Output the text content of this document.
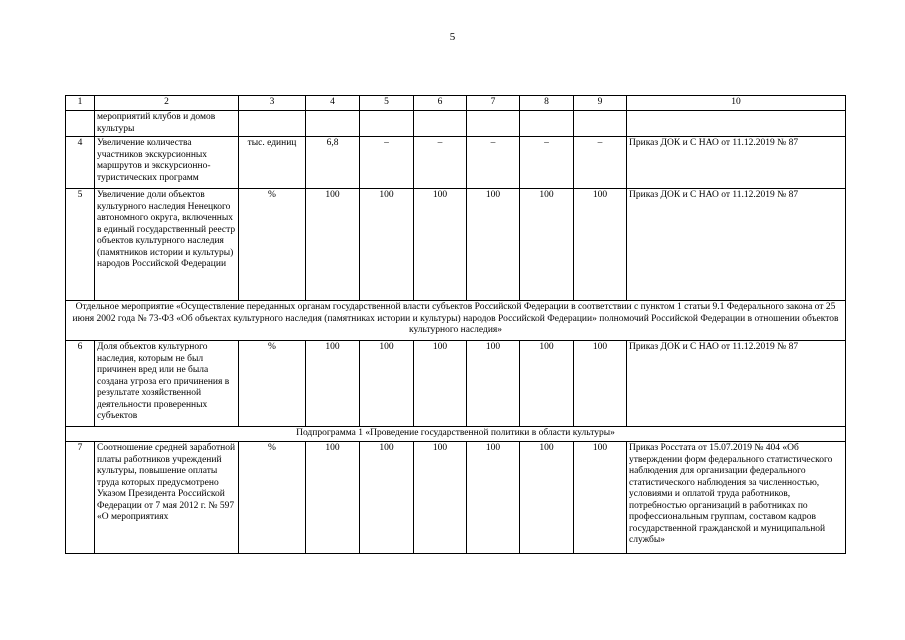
5
1	2	3	4	5	6	7	8	9	10
	мероприятий клубов и домов культуры								
4	Увеличение количества участников экскурсионных маршрутов и экскурсионно-туристических программ	тыс. единиц	6,8	–	–	–	–	–	Приказ ДОК и С НАО от 11.12.2019 № 87
5	Увеличение доли объектов культурного наследия Ненецкого автономного округа, включенных в единый государственный реестр объектов культурного наследия (памятников истории и культуры) народов Российской Федерации	%	100	100	100	100	100	100	Приказ ДОК и С НАО от 11.12.2019 № 87
Отдельное мероприятие «Осуществление переданных органам государственной власти субъектов Российской Федерации в соответствии с пунктом 1 статьи 9.1 Федерального закона от 25 июня 2002 года № 73-ФЗ «Об объектах культурного наследия (памятниках истории и культуры) народов Российской Федерации» полномочий Российской Федерации в отношении объектов культурного наследия»									
6	Доля объектов культурного наследия, которым не был причинен вред или не была создана угроза его причинения в результате хозяйственной деятельности проверенных субъектов	%	100	100	100	100	100	100	Приказ ДОК и С НАО от 11.12.2019 № 87
Подпрограмма 1 «Проведение государственной политики в области культуры»									
7	Соотношение средней заработной платы работников учреждений культуры, повышение оплаты труда которых предусмотрено Указом Президента Российской Федерации от 7 мая 2012 г. № 597 «О мероприятиях	%	100	100	100	100	100	100	Приказ Росстата от 15.07.2019 № 404 «Об утверждении форм федерального статистического наблюдения для организации федерального статистического наблюдения за численностью, условиями и оплатой труда работников, потребностью организаций в работниках по профессиональным группам, составом кадров государственной гражданской и муниципальной службы»
